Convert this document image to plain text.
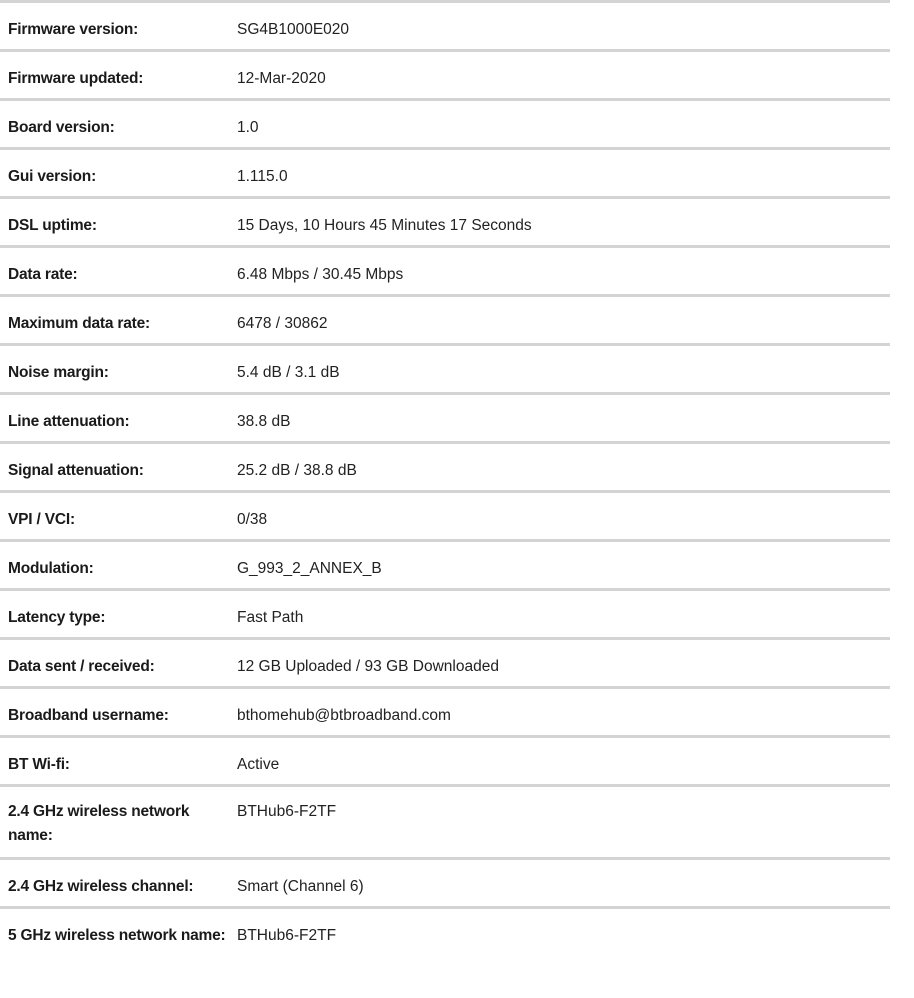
Firmware version:	SG4B1000E020
Firmware updated:	12-Mar-2020
Board version:	1.0
Gui version:	1.115.0
DSL uptime:	15 Days, 10 Hours 45 Minutes 17 Seconds
Data rate:	6.48 Mbps / 30.45 Mbps
Maximum data rate:	6478 / 30862
Noise margin:	5.4 dB / 3.1 dB
Line attenuation:	38.8 dB
Signal attenuation:	25.2 dB / 38.8 dB
VPI / VCI:	0/38
Modulation:	G_993_2_ANNEX_B
Latency type:	Fast Path
Data sent / received:	12 GB Uploaded / 93 GB Downloaded
Broadband username:	bthomehub@btbroadband.com
BT Wi-fi:	Active
2.4 GHz wireless network name:
BTHub6-F2TF
2.4 GHz wireless channel:	Smart (Channel 6)
5 GHz wireless network name: BTHub6-F2TF
